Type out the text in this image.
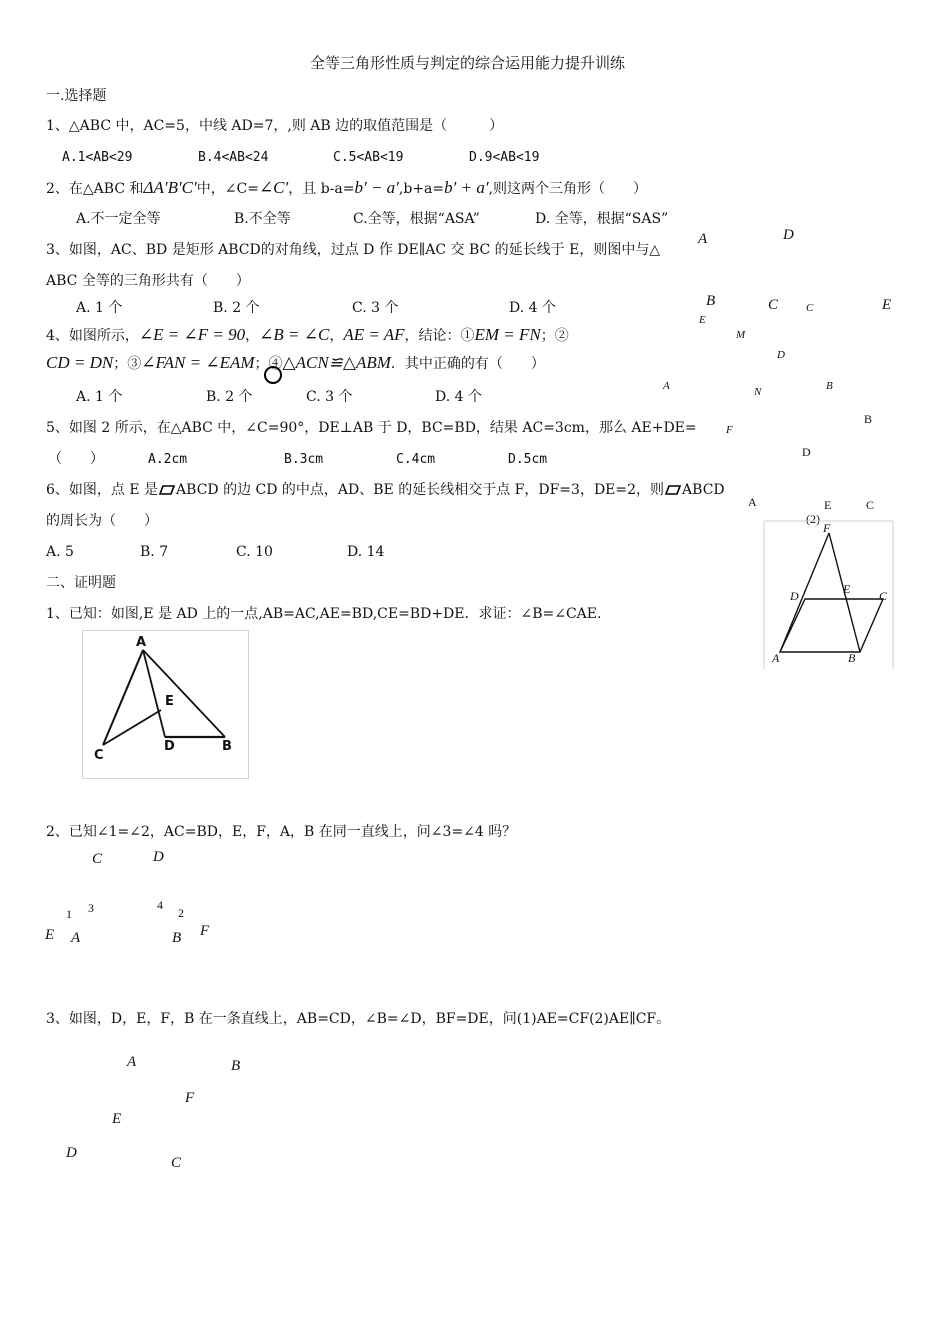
全等三角形性质与判定的综合运用能力提升训练
一.选择题
1、△ABC 中，AC=5，中线 AD=7，,则 AB 边的取值范围是（　　　）
A.1<AB<29	B.4<AB<24	C.5<AB<19	D.9<AB<19
2、在△ABC 和ΔA′B′C′中，∠C=∠C′，且 b-a=b′ − a′,b+a=b′ + a′,则这两个三角形（　　）
A.不一定全等	B.不全等	C.全等，根据“ASA”	D. 全等，根据“SAS”
3、如图，AC、BD 是矩形 ABCD的对角线，过点 D 作 DE∥AC 交 BC 的延长线于 E，则图中与△
ABC 全等的三角形共有（　　）
A. 1 个	B. 2 个	C. 3 个	D. 4 个
4、如图所示，∠E = ∠F = 90，∠B = ∠C，AE = AF，结论：①EM = FN；②
CD = DN；③∠FAN = ∠EAM；④△ACN≌△ABM．其中正确的有（　　）
A. 1 个	B. 2 个	C. 3 个	D. 4 个
5、如图 2 所示，在△ABC 中，∠C=90°，DE⊥AB 于 D，BC=BD，结果 AC=3cm，那么 AE+DE=
（　　）	A.2cm	B.3cm	C.4cm	D.5cm
6、如图，点 E 是 ABCD 的边 CD 的中点，AD、BE 的延长线相交于点 F，DF=3，DE=2，则 ABCD
的周长为（　　）
A. 5	B. 7	C. 10	D. 14
二、证明题
1、已知：如图,E 是 AD 上的一点,AB=AC,AE=BD,CE=BD+DE．求证：∠B=∠CAE.
2、已知∠1=∠2，AC=BD，E，F，A，B 在同一直线上，问∠3=∠4 吗？
3、如图，D，E，F，B 在一条直线上，AB=CD，∠B=∠D，BF=DE，问(1)AE=CF(2)AE∥CF。
A	D
B	C	E
C
E
M
D
A	N	B
F
B
D
A	E	C
(2)
F
D	E C
A	B
A
E
C
D	B
C	D
1 3	4
2
E A	B F
A	B
F
E
D
C
